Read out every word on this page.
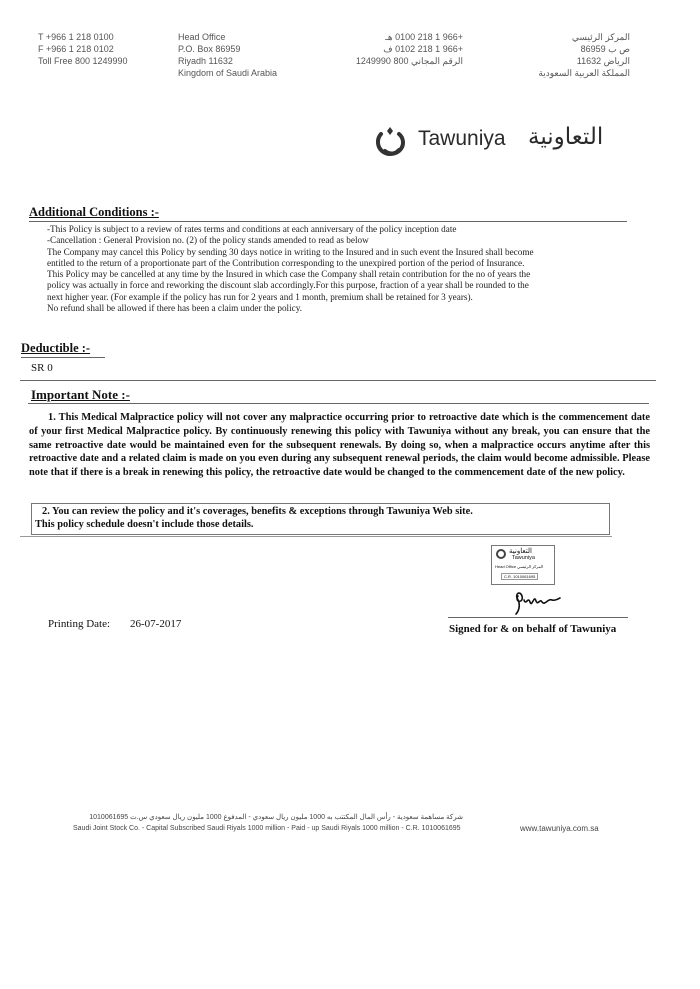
T +966 1 218 0100
F +966 1 218 0102
Toll Free 800 1249990
Head Office
P.O. Box 86959
Riyadh 11632
Kingdom of Saudi Arabia
+966 1 218 0100 هـ
+966 1 218 0102 ف
الرقم المجاني 800 1249990
المركز الرئيسي
ص ب 86959
الرياض 11632
المملكة العربية السعودية
Tawuniya التعاونية
Additional Conditions :-
-This Policy is subject to a review of rates terms and conditions at each anniversary of the policy inception date
-Cancellation : General Provision no. (2) of the policy stands amended to read as below
The Company may cancel this Policy by sending 30 days notice in writing to the Insured and in such event the Insured shall become
entitled to the return of a proportionate part of the Contribution corresponding to the unexpired portion of the period of Insurance.
This Policy may be cancelled at any time by the Insured in which case the Company shall retain contribution for the no of years the
policy was actually in force and reworking the discount slab accordingly.For this purpose, fraction of a year shall be rounded to the
next higher year. (For example if the policy has run for 2 years and 1 month, premium shall be retained for 3 years).
No refund shall be allowed if there has been a claim under the policy.
Deductible :-
SR 0
Important Note :-
1. This Medical Malpractice policy will not cover any malpractice occurring prior to retroactive date which is the commencement date of your first Medical Malpractice policy. By continuously renewing this policy with Tawuniya without any break, you can ensure that the same retroactive date would be maintained even for the subsequent renewals. By doing so, when a malpractice occurs anytime after this retroactive date and a related claim is made on you even during any subsequent renewal periods, the claim would become admissible. Please note that if there is a break in renewing this policy, the retroactive date would be changed to the commencement date of the new policy.
2. You can review the policy and it's coverages, benefits & exceptions through Tawuniya Web site.
This policy schedule doesn't include those details.
التعاونية
Tawuniya
Head Office المركز الرئيسي
C.R. 1010061695
Printing Date: 26-07-2017	Signed for & on behalf of Tawuniya
شركة مساهمة سعودية - رأس المال المكتتب به 1000 مليون ريال سعودي - المدفوع 1000 مليون ريال سعودي س.ت 1010061695
Saudi Joint Stock Co. - Capital Subscribed Saudi Riyals 1000 million - Paid - up Saudi Riyals 1000 million - C.R. 1010061695	www.tawuniya.com.sa
